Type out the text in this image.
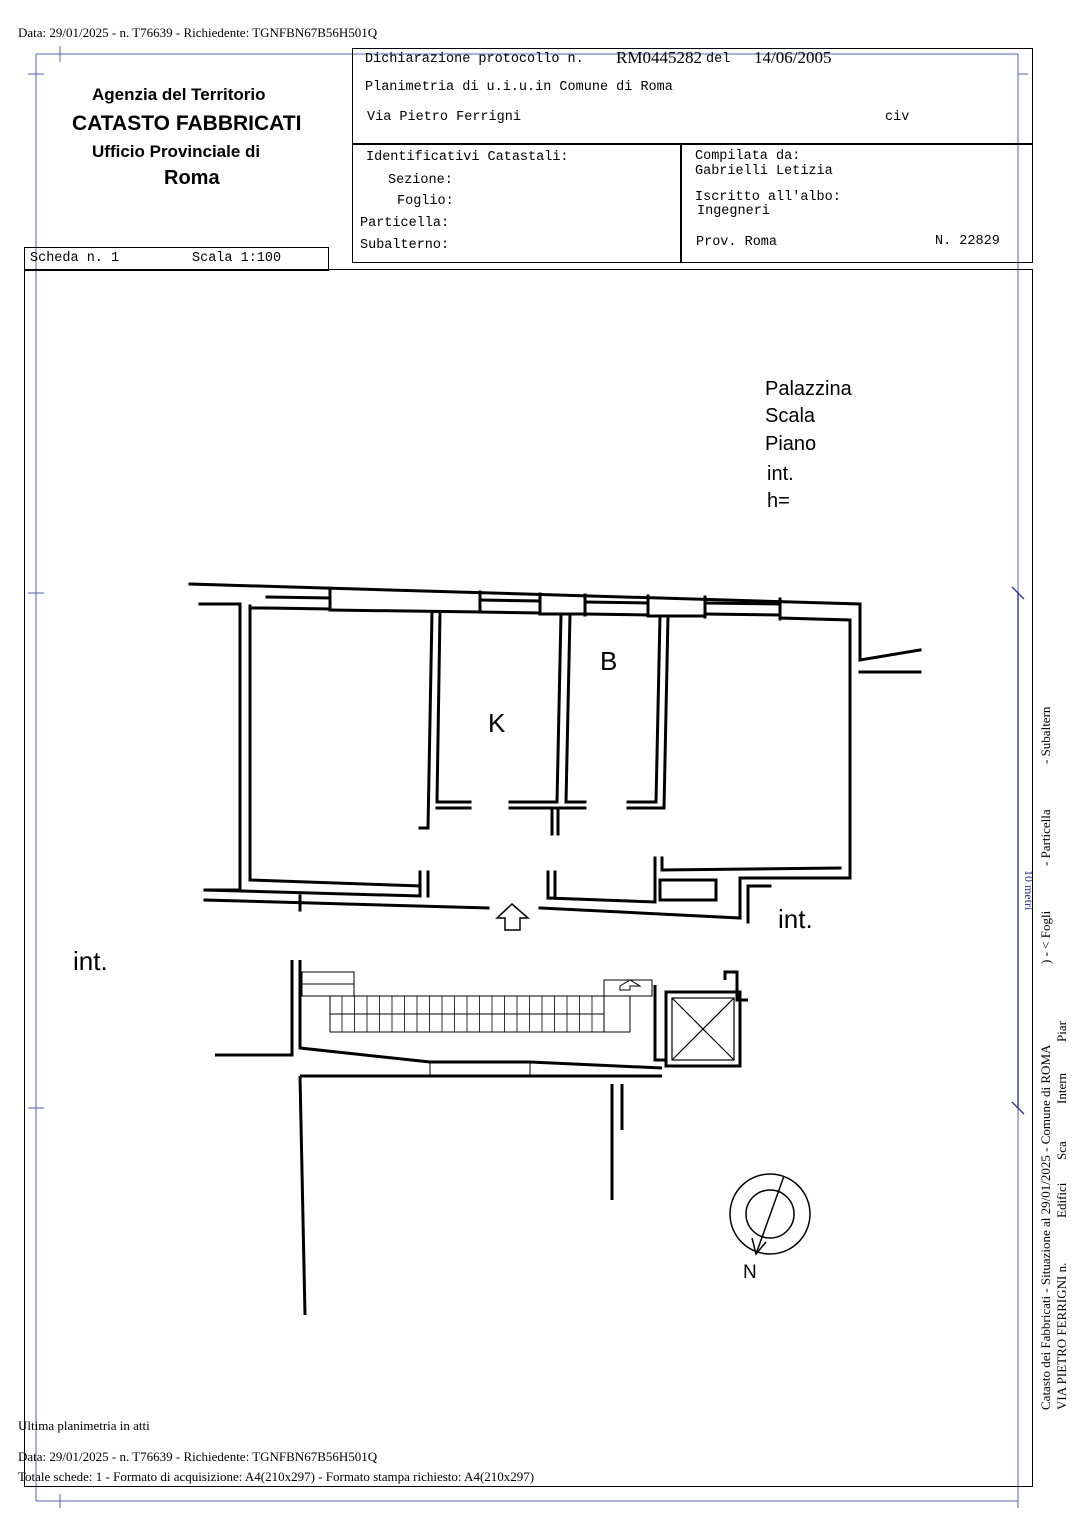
Data: 29/01/2025 - n. T76639 - Richiedente: TGNFBN67B56H501Q
Agenzia del Territorio
CATASTO FABBRICATI
Ufficio Provinciale di
Roma
Dichiarazione protocollo n. RM0445282 del 14/06/2005
Planimetria di u.i.u.in Comune di Roma
Via Pietro Ferrigni	civ
Identificativi Catastali:
Sezione:
Foglio:
Particella:
Subalterno:
Compilata da:
Gabrielli Letizia
Iscritto all'albo:
Ingegneri
Prov. Roma	N. 22829
Scheda n. 1	Scala 1:100
Palazzina
Scala
Piano
int.
h=
K
B
int.
int.
N	Catasto dei Fabbricati - Situazione al 29/01/2025 - Comune di ROMA VIA PIETRO FERRIGNI n.
Edifici
Sca
Intern
Piar
) - < Fogli
- Particella
- Subaltern
10 metri
Ultima planimetria in atti
Data: 29/01/2025 - n. T76639 - Richiedente: TGNFBN67B56H501Q
Totale schede: 1 - Formato di acquisizione: A4(210x297) - Formato stampa richiesto: A4(210x297)
